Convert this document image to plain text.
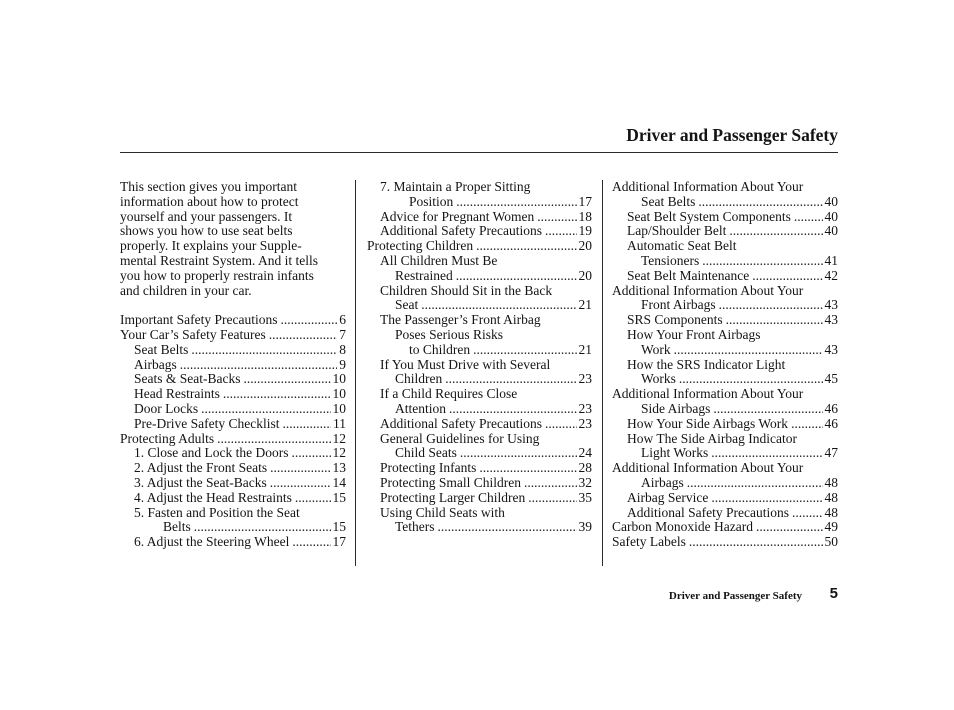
Driver and Passenger Safety
This section gives you important
information about how to protect
yourself and your passengers. It
shows you how to use seat belts
properly. It explains your Supple-
mental Restraint System. And it tells
you how to properly restrain infants
and children in your car.
Important Safety Precautions .....	6
Your Car’s Safety Features .....	7
Seat Belts .....	8
Airbags .....	9
Seats & Seat-Backs .....	10
Head Restraints .....	10
Door Locks .....	10
Pre-Drive Safety Checklist .....	11
Protecting Adults .....	12
1. Close and Lock the Doors .....	12
2. Adjust the Front Seats .....	13
3. Adjust the Seat-Backs .....	14
4. Adjust the Head Restraints .....	15
5. Fasten and Position the Seat
Belts .....	15
6. Adjust the Steering Wheel .....	17
7. Maintain a Proper Sitting
Position .....	17
Advice for Pregnant Women .....	18
Additional Safety Precautions .....	19
Protecting Children .....	20
All Children Must Be
Restrained .....	20
Children Should Sit in the Back
Seat .....	21
The Passenger’s Front Airbag
Poses Serious Risks
to Children .....	21
If You Must Drive with Several
Children .....	23
If a Child Requires Close
Attention .....	23
Additional Safety Precautions .....	23
General Guidelines for Using
Child Seats .....	24
Protecting Infants .....	28
Protecting Small Children .....	32
Protecting Larger Children .....	35
Using Child Seats with
Tethers .....	39
Additional Information About Your
Seat Belts .....	40
Seat Belt System Components ..... 40
Lap/Shoulder Belt .....	40
Automatic Seat Belt
Tensioners .....	41
Seat Belt Maintenance .....	42
Additional Information About Your
Front Airbags .....	43
SRS Components .....	43
How Your Front Airbags
Work .....	43
How the SRS Indicator Light
Works .....	45
Additional Information About Your
Side Airbags .....	46
How Your Side Airbags Work .....	46
How The Side Airbag Indicator
Light Works .....	47
Additional Information About Your
Airbags .....	48
Airbag Service .....	48
Additional Safety Precautions .....	48
Carbon Monoxide Hazard .....	49
Safety Labels .....	50
Driver and Passenger Safety 5
